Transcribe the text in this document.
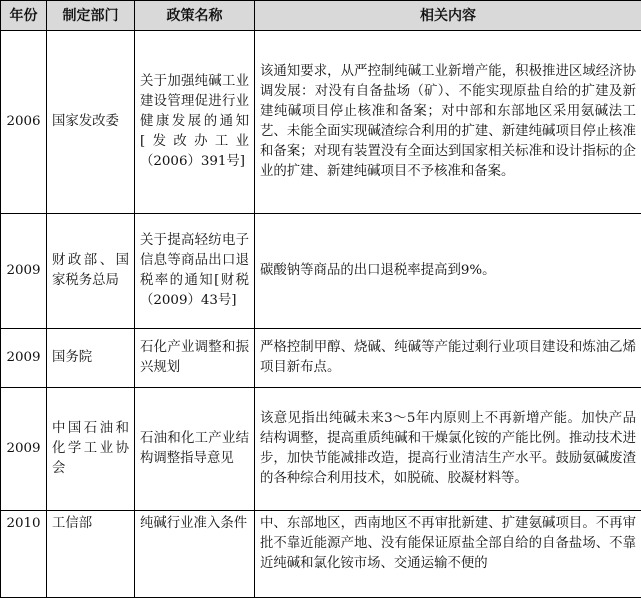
年份	制定部门	政策名称	相关内容
2006	国家发改委	关于加强纯碱工业建设管理促进行业健康发展的通知[发改办工业（2006）391号]	该通知要求，从严控制纯碱工业新增产能，积极推进区域经济协调发展：对没有自备盐场（矿）、不能实现原盐自给的扩建及新建纯碱项目停止核准和备案；对中部和东部地区采用氨碱法工艺、未能全面实现碱渣综合利用的扩建、新建纯碱项目停止核准和备案；对现有装置没有全面达到国家相关标准和设计指标的企业的扩建、新建纯碱项目不予核准和备案。
2009	财政部、国家税务总局	关于提高轻纺电子信息等商品出口退税率的通知[财税（2009）43号]	碳酸钠等商品的出口退税率提高到9%。
2009	国务院	石化产业调整和振兴规划	严格控制甲醇、烧碱、纯碱等产能过剩行业项目建设和炼油乙烯项目新布点。
2009	中国石油和化学工业协会	石油和化工产业结构调整指导意见	该意见指出纯碱未来3～5年内原则上不再新增产能。加快产品结构调整，提高重质纯碱和干燥氯化铵的产能比例。推动技术进步，加快节能减排改造，提高行业清洁生产水平。鼓励氨碱废渣的各种综合利用技术，如脱硫、胶凝材料等。
2010	工信部	纯碱行业准入条件	中、东部地区，西南地区不再审批新建、扩建氨碱项目。不再审批不靠近能源产地、没有能保证原盐全部自给的自备盐场、不靠近纯碱和氯化铵市场、交通运输不便的
